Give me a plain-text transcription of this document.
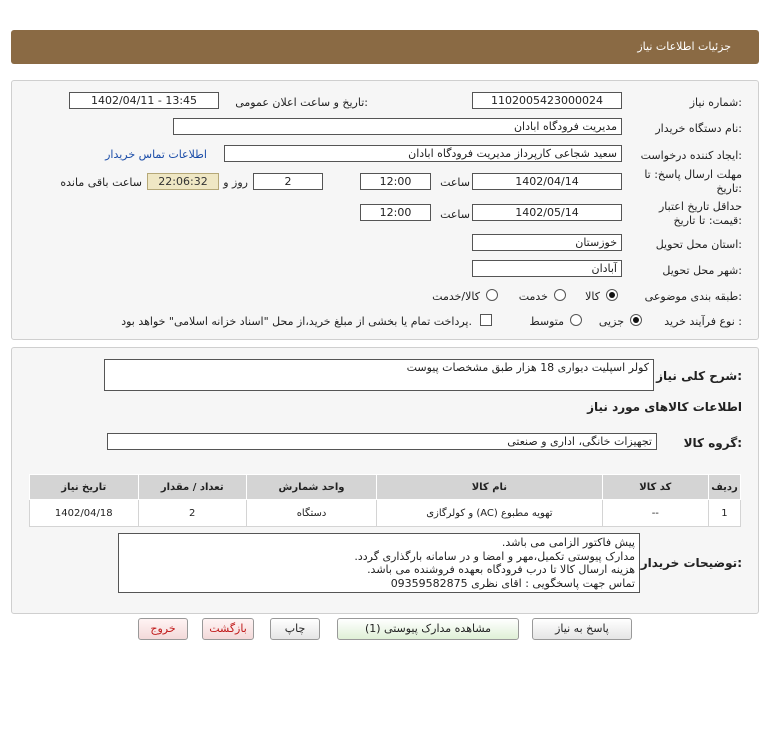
جزئیات اطلاعات نیاز
شماره نیاز:
1102005423000024
تاریخ و ساعت اعلان عمومی:
1402/04/11 - 13:45
نام دستگاه خریدار:
مدیریت فرودگاه ابادان
ایجاد کننده درخواست:
سعید شجاعی کارپرداز مدیریت فرودگاه ابادان
اطلاعات تماس خریدار
مهلت ارسال پاسخ: تا
تاریخ:
1402/04/14
ساعت
12:00
2
روز و
22:06:32
ساعت باقی مانده
حداقل تاریخ اعتبار
قیمت: تا تاریخ:
1402/05/14
ساعت
12:00
استان محل تحویل:
خوزستان
شهر محل تحویل:
آبادان
طبقه بندی موضوعی:
کالا
خدمت
کالا/خدمت
نوع فرآیند خرید :
جزیی
متوسط
پرداخت تمام یا بخشی از مبلغ خرید،از محل "اسناد خزانه اسلامی" خواهد بود.
شرح کلی نیاز:
کولر اسپلیت دیواری 18 هزار طبق مشخصات پیوست
اطلاعات کالاهای مورد نیاز
گروه کالا:
تجهیزات خانگی، اداری و صنعتی
ردیف	کد کالا	نام کالا	واحد شمارش	تعداد / مقدار	تاریخ نیاز
1	--	تهویه مطبوع (AC) و کولرگازی	دستگاه	2	1402/04/18
توضیحات خریدار:
پیش فاکتور الزامی می باشد.
مدارک پیوستی تکمیل،مهر و امضا و در سامانه بارگذاری گردد.
هزینه ارسال کالا تا درب فرودگاه بعهده فروشنده می باشد.
تماس جهت پاسخگویی : اقای نظری 09359582875
پاسخ به نیاز
مشاهده مدارک پیوستی (1)
چاپ
بازگشت
خروج
